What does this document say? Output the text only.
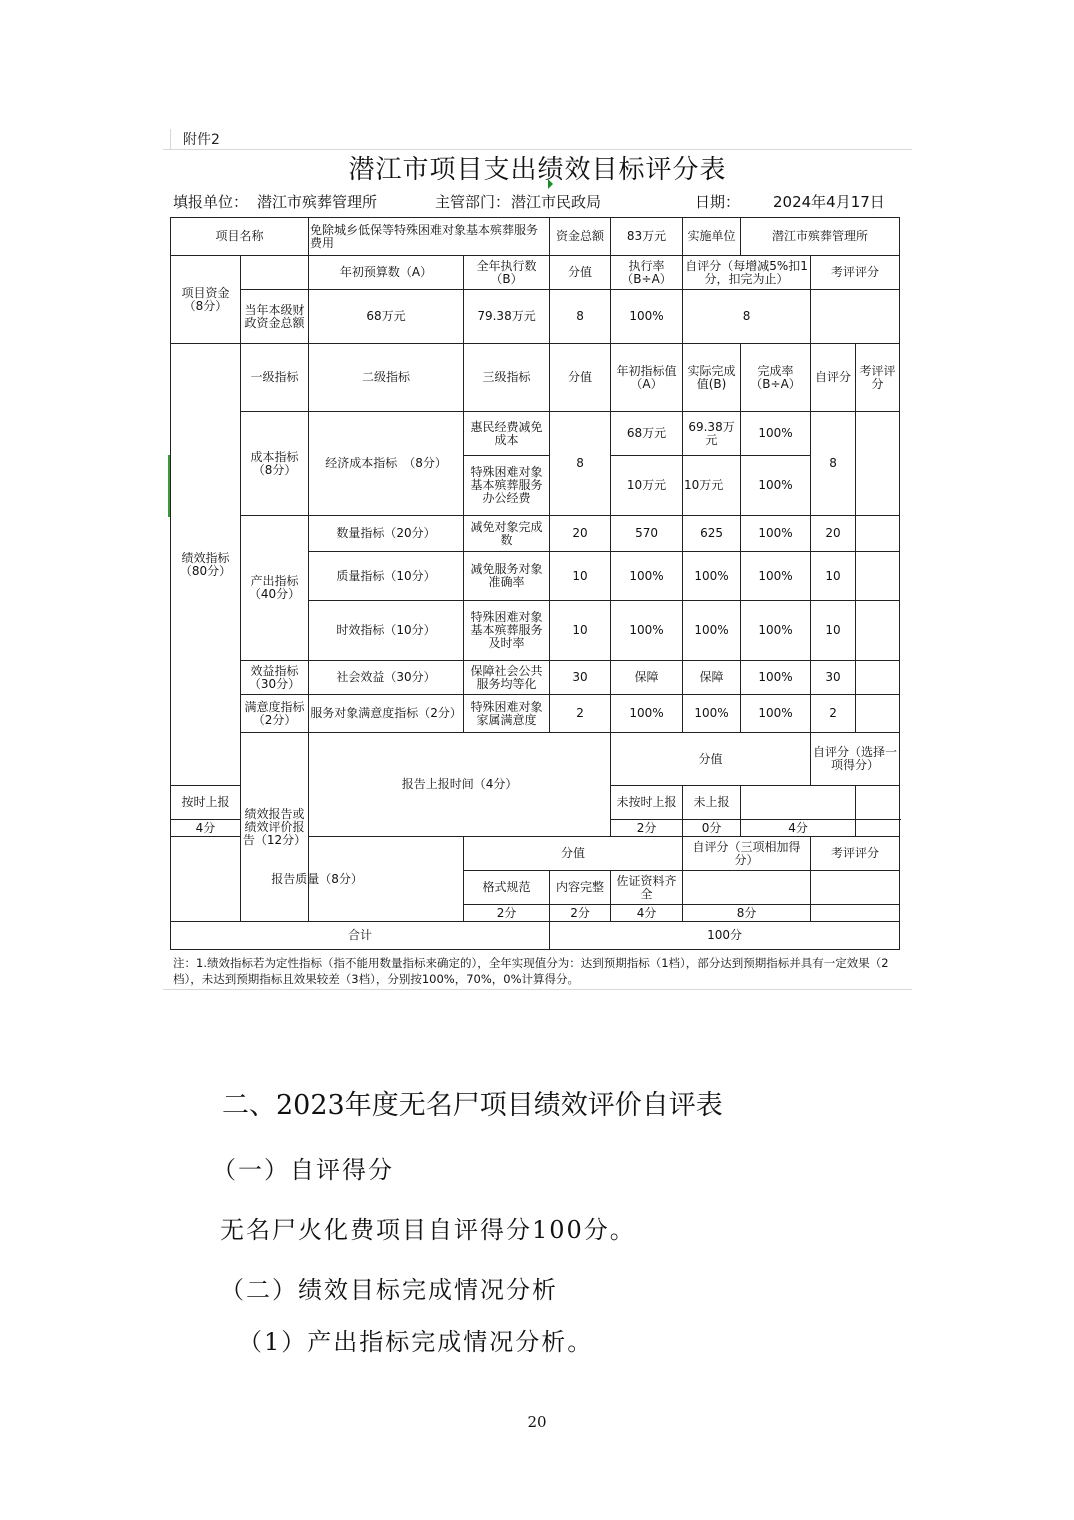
附件2
潜江市项目支出绩效目标评分表
填报单位： 潜江市殡葬管理所	主管部门： 潜江市民政局	日期： 2024年4月17日
项目名称		免除城乡低保等特殊困难对象基本殡葬服务费用		资金总额	83万元	实施单位	潜江市殡葬管理所			
项目资金（8分）		年初预算数（A）	全年执行数（B）	分值	执行率（B÷A）	自评分（每增减5%扣1分，扣完为止）		考评评分		
	当年本级财政资金总额	68万元	79.38万元	8	100%	8				
绩效指标（80分）	一级指标	二级指标	三级指标	分值	年初指标值（A）	实际完成值(B)	完成率（B÷A）	自评分	考评评分	
	成本指标（8分）	经济成本指标　（8分）	惠民经费减免成本	8	68万元	69.38万元	100%	8		
			特殊困难对象基本殡葬服务办公经费		10万元	10万元	100%			
	产出指标（40分）	数量指标（20分）	减免对象完成数	20	570	625	100%	20		
		质量指标（10分）	减免服务对象准确率	10	100%	100%	100%	10		
		时效指标（10分）	特殊困难对象基本殡葬服务及时率	10	100%	100%	100%	10		
	效益指标（30分）	社会效益（30分）	保障社会公共服务均等化	30	保障	保障	100%	30		
	满意度指标（2分）	服务对象满意度指标（2分）	特殊困难对象家属满意度	2	100%	100%	100%	2		
	绩效报告或绩效评价报告（12分）	报告上报时间（4分）			分值			自评分（选择一项得分）		
按时上报					未按时上报	未上报				
4分					2分	0分	4分			
报告质量（8分）			分值			自评分（三项相加得分）		考评评分		
			格式规范	内容完整	佐证资料齐全					
			2分	2分	4分	8分				
合计				100分						
注：1.绩效指标若为定性指标（指不能用数量指标来确定的），全年实现值分为：达到预期指标（1档），部分达到预期指标并具有一定效果（2档），未达到预期指标且效果较差（3档），分别按100%，70%，0%计算得分。
二、2023年度无名尸项目绩效评价自评表
（一）自评得分
无名尸火化费项目自评得分100分。
（二）绩效目标完成情况分析
（1）产出指标完成情况分析。
20
